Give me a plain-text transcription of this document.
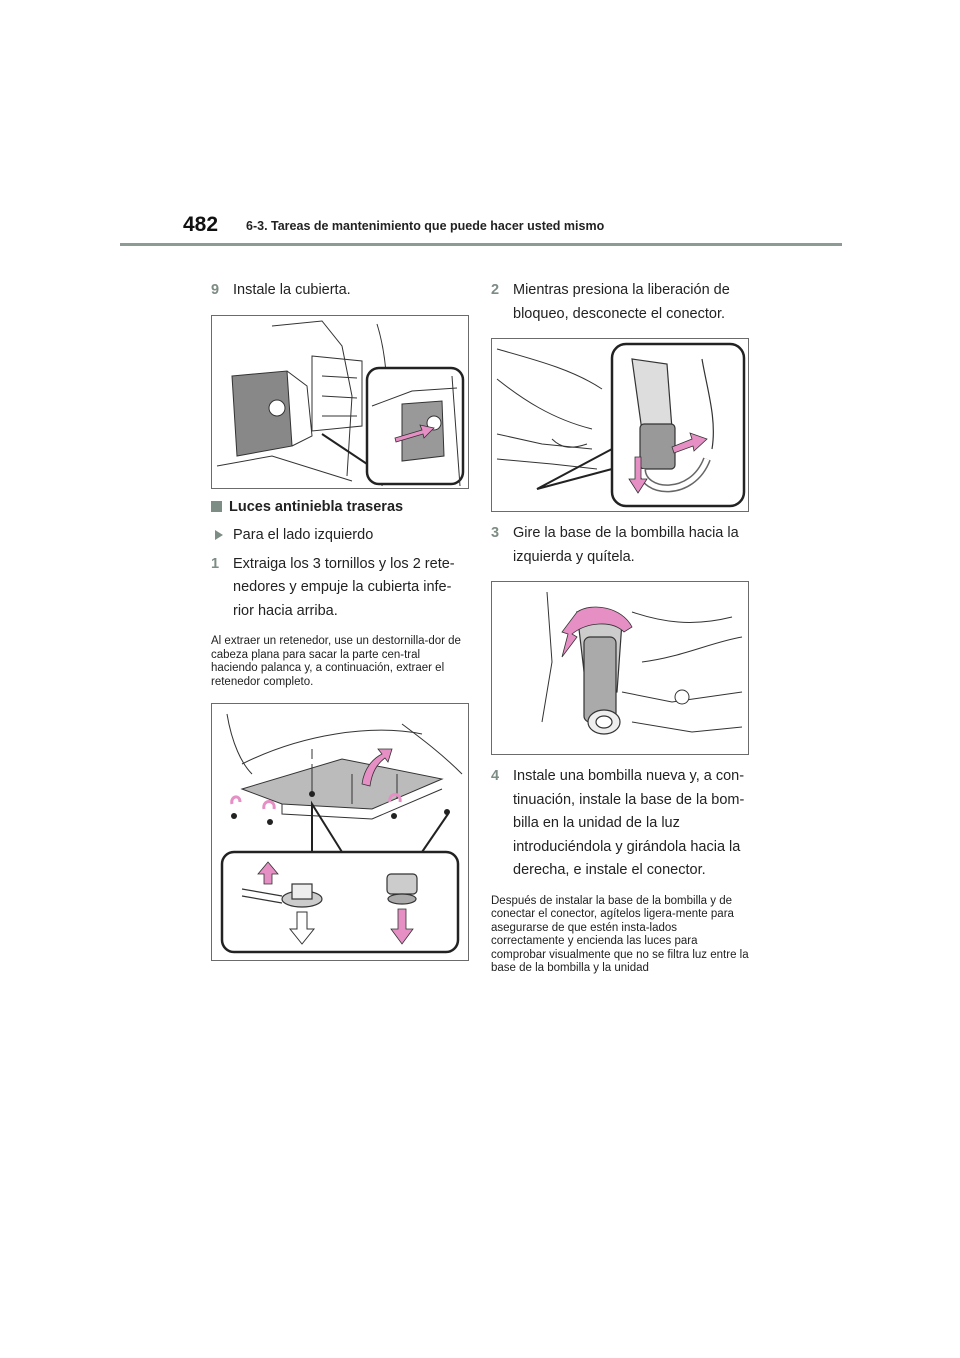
482 6-3. Tareas de mantenimiento que puede hacer usted mismo
9 Instale la cubierta.
Luces antiniebla traseras
Para el lado izquierdo
1 Extraiga los 3 tornillos y los 2 rete-nedores y empuje la cubierta infe-rior hacia arriba.
Al extraer un retenedor, use un destornilla-dor de cabeza plana para sacar la parte cen-tral haciendo palanca y, a continuación, extraer el retenedor completo.
2 Mientras presiona la liberación de bloqueo, desconecte el conector.
3 Gire la base de la bombilla hacia la izquierda y quítela.
4 Instale una bombilla nueva y, a con-tinuación, instale la base de la bom-billa en la unidad de la luz introduciéndola y girándola hacia la derecha, e instale el conector.
Después de instalar la base de la bombilla y de conectar el conector, agítelos ligera-mente para asegurarse de que estén insta-lados correctamente y encienda las luces para comprobar visualmente que no se filtra luz entre la base de la bombilla y la unidad
